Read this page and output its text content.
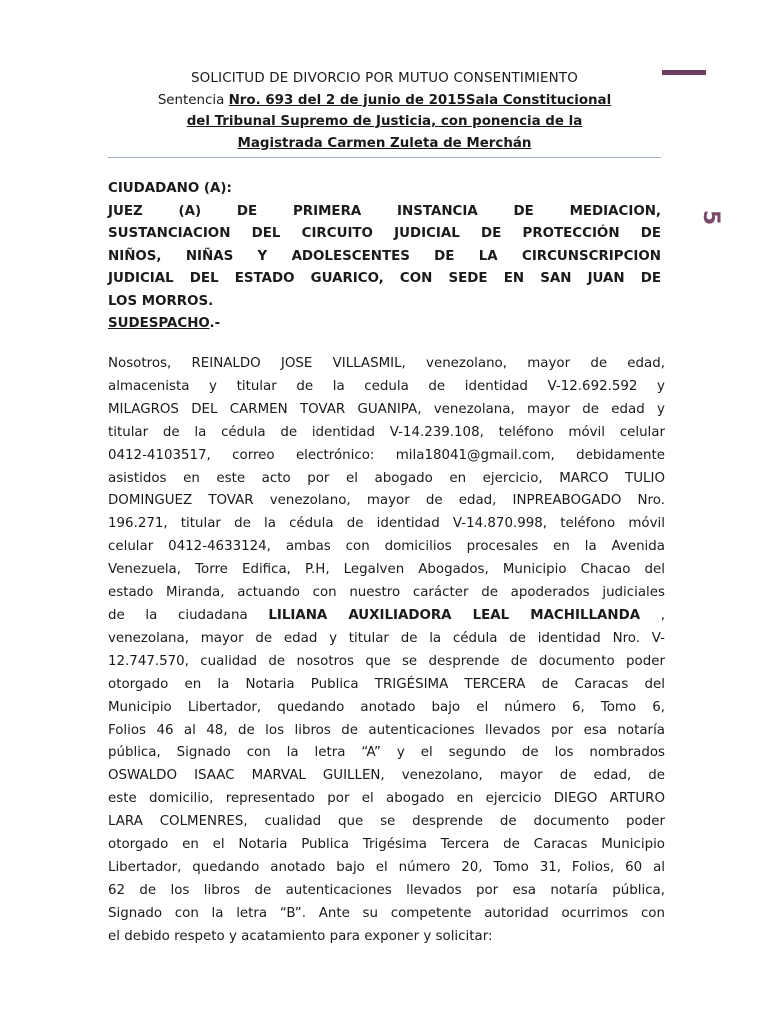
5
SOLICITUD DE DIVORCIO POR MUTUO CONSENTIMIENTO
Sentencia Nro. 693 del 2 de junio de 2015Sala Constitucional
del Tribunal Supremo de Justicia, con ponencia de la
Magistrada Carmen Zuleta de Merchán
CIUDADANO (A):
JUEZ (A) DE PRIMERA INSTANCIA DE MEDIACION,
SUSTANCIACION DEL CIRCUITO JUDICIAL DE PROTECCIÓN DE
NIÑOS, NIÑAS Y ADOLESCENTES DE LA CIRCUNSCRIPCION
JUDICIAL DEL ESTADO GUARICO, CON SEDE EN SAN JUAN DE
LOS MORROS.
SUDESPACHO.-
Nosotros, REINALDO JOSE VILLASMIL, venezolano, mayor de edad,
almacenista y titular de la cedula de identidad V-12.692.592 y
MILAGROS DEL CARMEN TOVAR GUANIPA, venezolana, mayor de edad y
titular de la cédula de identidad V-14.239.108, teléfono móvil celular
0412-4103517, correo electrónico: mila18041@gmail.com, debidamente
asistidos en este acto por el abogado en ejercicio, MARCO TULIO
DOMINGUEZ TOVAR venezolano, mayor de edad, INPREABOGADO Nro.
196.271, titular de la cédula de identidad V-14.870.998, teléfono móvil
celular 0412-4633124, ambas con domicilios procesales en la Avenida
Venezuela, Torre Edifica, P.H, Legalven Abogados, Municipio Chacao del
estado Miranda, actuando con nuestro carácter de apoderados judiciales
de la ciudadana LILIANA AUXILIADORA LEAL MACHILLANDA ,
venezolana, mayor de edad y titular de la cédula de identidad Nro. V-
12.747.570, cualidad de nosotros que se desprende de documento poder
otorgado en la Notaria Publica TRIGÉSIMA TERCERA de Caracas del
Municipio Libertador, quedando anotado bajo el número 6, Tomo 6,
Folios 46 al 48, de los libros de autenticaciones llevados por esa notaría
pública, Signado con la letra “A” y el segundo de los nombrados
OSWALDO ISAAC MARVAL GUILLEN, venezolano, mayor de edad, de
este domicilio, representado por el abogado en ejercicio DIEGO ARTURO
LARA COLMENRES, cualidad que se desprende de documento poder
otorgado en el Notaria Publica Trigésima Tercera de Caracas Municipio
Libertador, quedando anotado bajo el número 20, Tomo 31, Folios, 60 al
62 de los libros de autenticaciones llevados por esa notaría pública,
Signado con la letra “B”. Ante su competente autoridad ocurrimos con
el debido respeto y acatamiento para exponer y solicitar:
